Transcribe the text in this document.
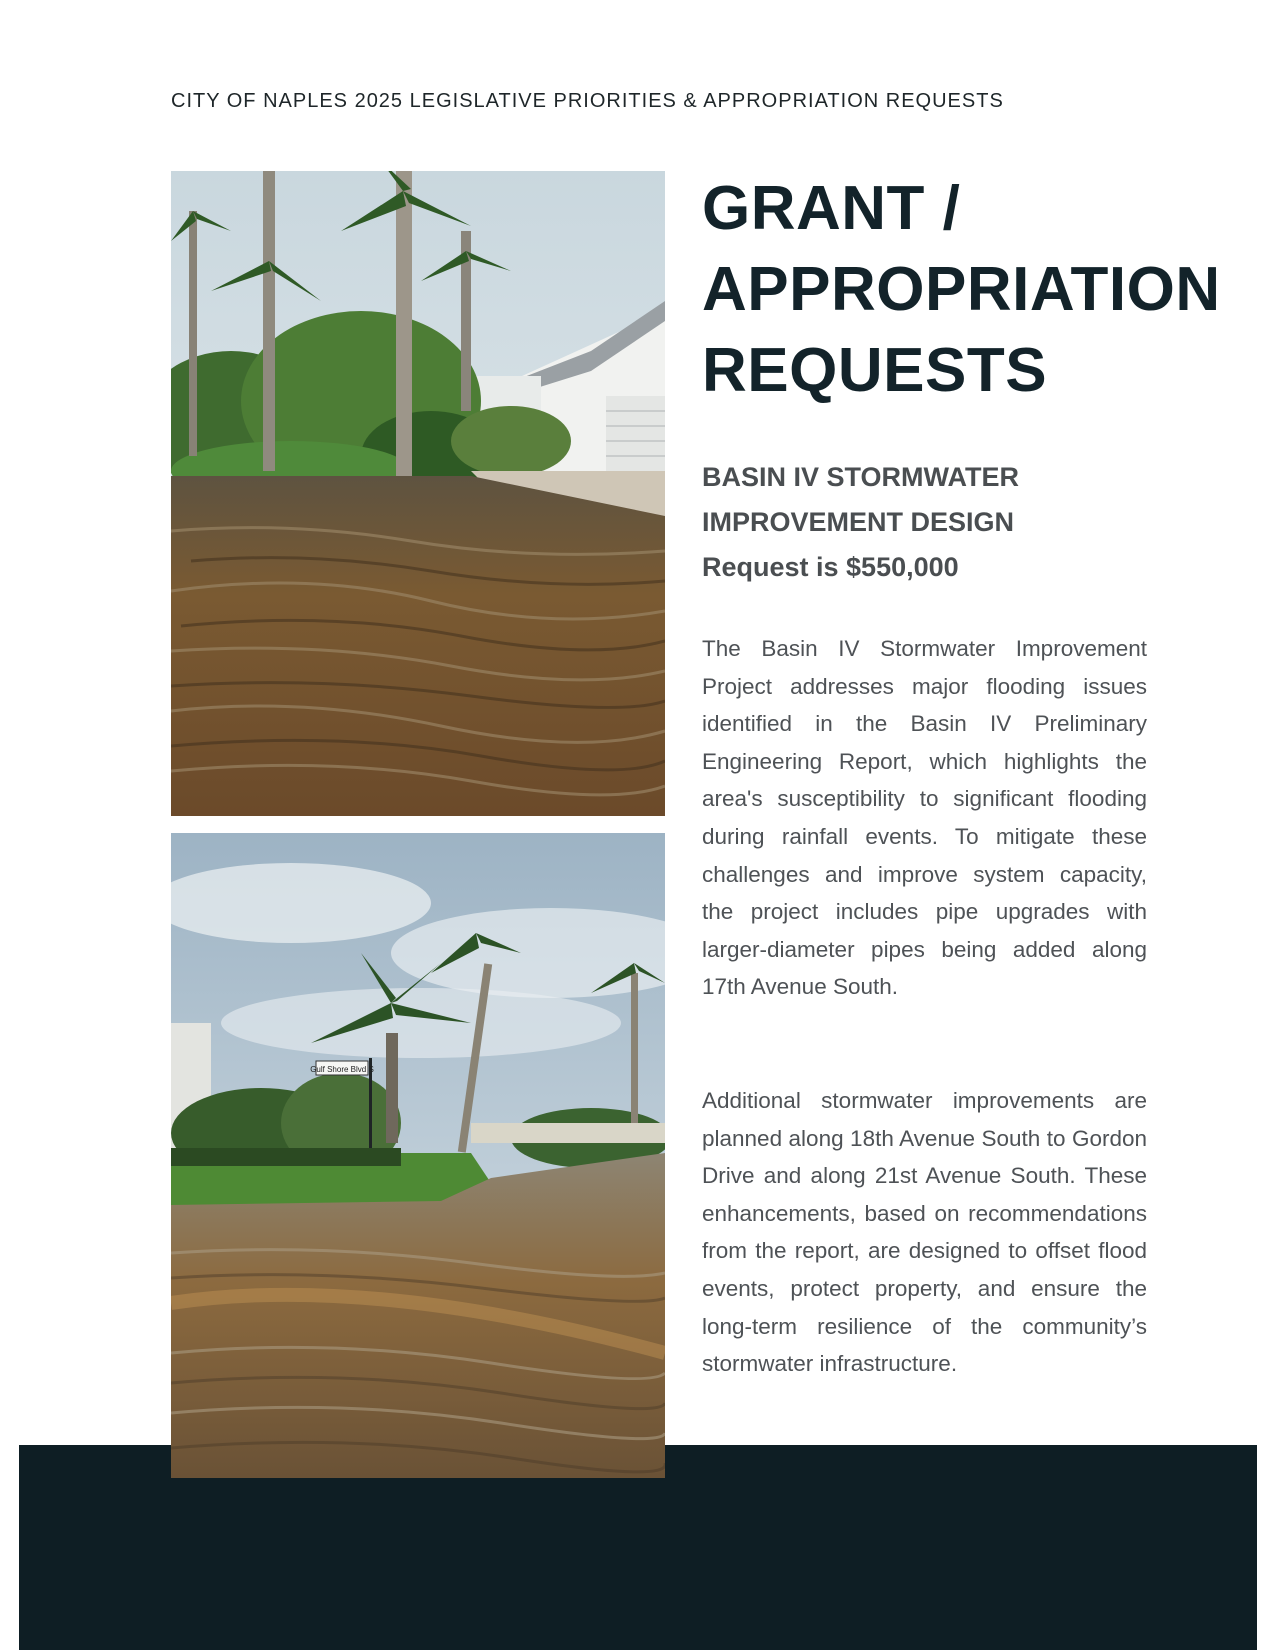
CITY OF NAPLES 2025 LEGISLATIVE PRIORITIES & APPROPRIATION REQUESTS
Gulf Shore Blvd S
GRANT /
APPROPRIATION
REQUESTS
BASIN IV STORMWATER
IMPROVEMENT DESIGN
Request is $550,000

The Basin IV Stormwater Improvement Project addresses major flooding issues identified in the Basin IV Preliminary Engineering Report, which highlights the area's susceptibility to significant flooding during rainfall events. To mitigate these challenges and improve system capacity, the project includes pipe upgrades with larger-diameter pipes being added along 17th Avenue South.

Additional stormwater improvements are planned along 18th Avenue South to Gordon Drive and along 21st Avenue South. These enhancements, based on recommendations from the report, are designed to offset flood events, protect property, and ensure the long-term resilience of the community’s stormwater infrastructure.
